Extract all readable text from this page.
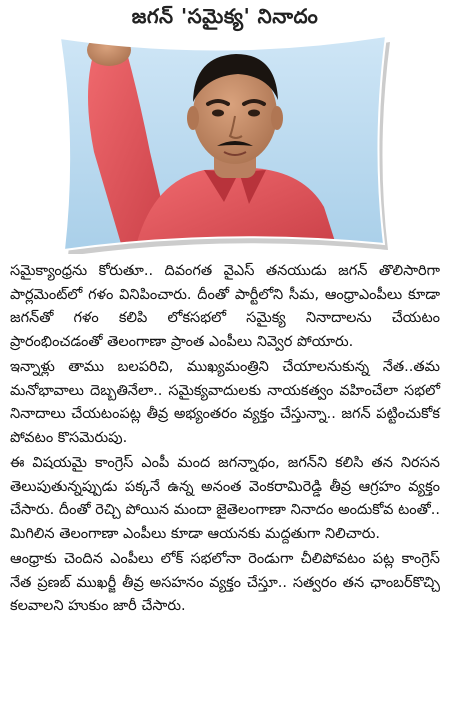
జగన్ 'సమైక్య' నినాదం

సమైక్యాంధ్రను కోరుతూ.. దివంగత వైఎస్ తనయుడు జగన్ తొలిసారిగా పార్లమెంట్‌లో గళం వినిపించారు. దీంతో పార్టీలోని సీమ, ఆంధ్రాఎంపీలు కూడా జగన్‌తో గళం కలిపి లోకసభలో సమైక్య నినాదాలను చేయటం ప్రారంభించడంతో తెలంగాణా ప్రాంత ఎంపీలు నివ్వెర పోయారు.

ఇన్నాళ్లు తాము బలపరిచి, ముఖ్యమంత్రిని చేయాలనుకున్న నేత..తమ మనోభావాలు దెబ్బతినేలా.. సమైక్యవాదులకు నాయకత్వం వహించేలా సభలో నినాదాలు చేయటంపట్ల తీవ్ర అభ్యంతరం వ్యక్తం చేస్తున్నా.. జగన్ పట్టించుకోక పోవటం కొసమెరుపు.

ఈ విషయమై కాంగ్రెస్ ఎంపీ మంద జగన్నాథం, జగన్‌ని కలిసి తన నిరసన తెలుపుతున్నప్పుడు పక్కనే ఉన్న అనంత వెంకరామిరెడ్డి తీవ్ర ఆగ్రహం వ్యక్తం చేసారు. దీంతో రెచ్చి పోయిన మందా జైతెలంగాణా నినాదం అందుకోవ టంతో.. మిగిలిన తెలంగాణా ఎంపీలు కూడా ఆయనకు మద్దతుగా నిలిచారు.

ఆంధ్రాకు చెందిన ఎంపీలు లోక్ సభలోనా రెండుగా చీలిపోవటం పట్ల కాంగ్రెస్ నేత ప్రణబ్ ముఖర్జీ తీవ్ర అసహనం వ్యక్తం చేస్తూ.. సత్వరం తన ఛాంబర్‌కొచ్చి కలవాలని హుకుం జారీ చేసారు.
